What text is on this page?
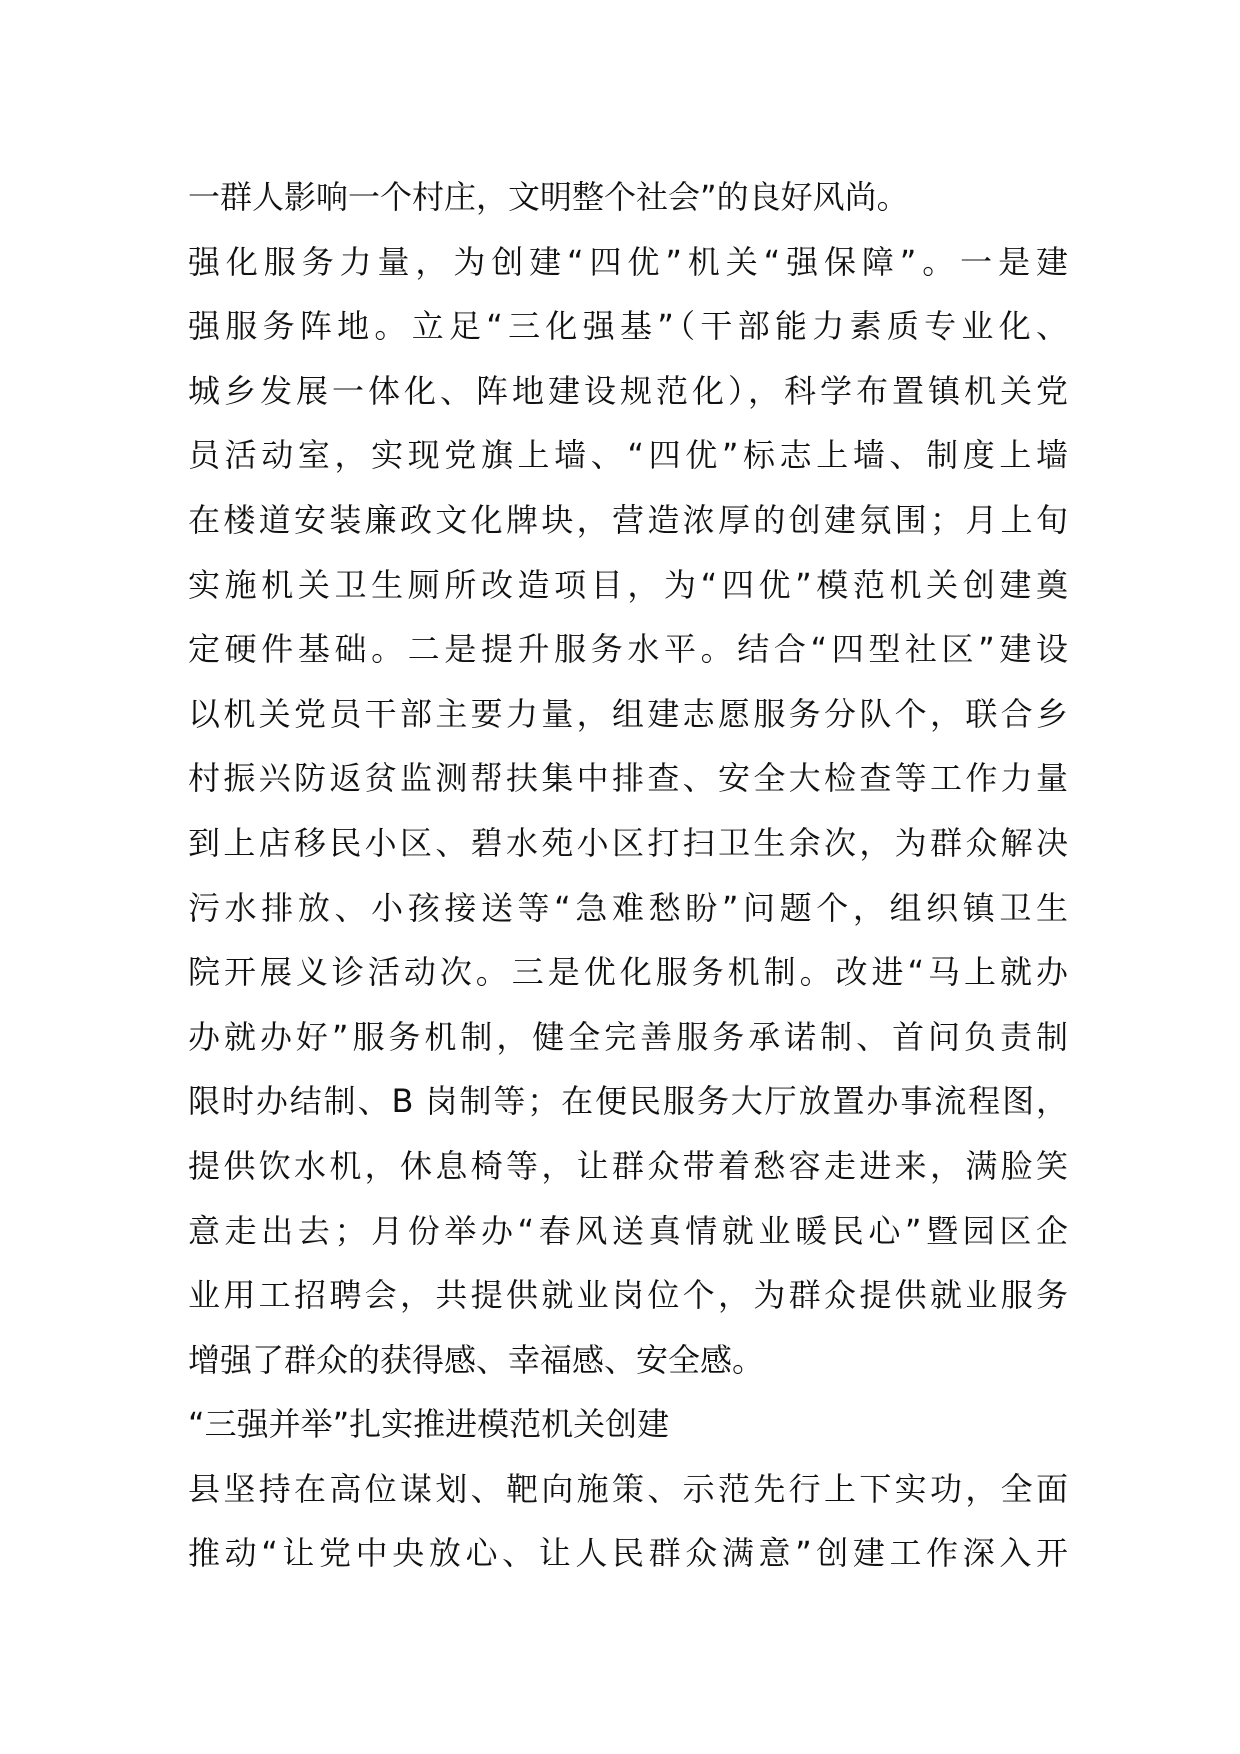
一群人影响一个村庄，文明整个社会”的良好风尚。
强化服务力量，为创建“四优”机关“强保障”。一是建
强服务阵地。立足“三化强基”（干部能力素质专业化、
城乡发展一体化、阵地建设规范化），科学布置镇机关党
员活动室，实现党旗上墙、“四优”标志上墙、制度上墙
在楼道安装廉政文化牌块，营造浓厚的创建氛围；月上旬
实施机关卫生厕所改造项目，为“四优”模范机关创建奠
定硬件基础。二是提升服务水平。结合“四型社区”建设
以机关党员干部主要力量，组建志愿服务分队个，联合乡
村振兴防返贫监测帮扶集中排查、安全大检查等工作力量
到上店移民小区、碧水苑小区打扫卫生余次，为群众解决
污水排放、小孩接送等“急难愁盼”问题个，组织镇卫生
院开展义诊活动次。三是优化服务机制。改进“马上就办
办就办好”服务机制，健全完善服务承诺制、首问负责制
限时办结制、B 岗制等；在便民服务大厅放置办事流程图，
提供饮水机，休息椅等，让群众带着愁容走进来，满脸笑
意走出去；月份举办“春风送真情就业暖民心”暨园区企
业用工招聘会，共提供就业岗位个，为群众提供就业服务
增强了群众的获得感、幸福感、安全感。
“三强并举”扎实推进模范机关创建
县坚持在高位谋划、靶向施策、示范先行上下实功，全面
推动“让党中央放心、让人民群众满意”创建工作深入开
